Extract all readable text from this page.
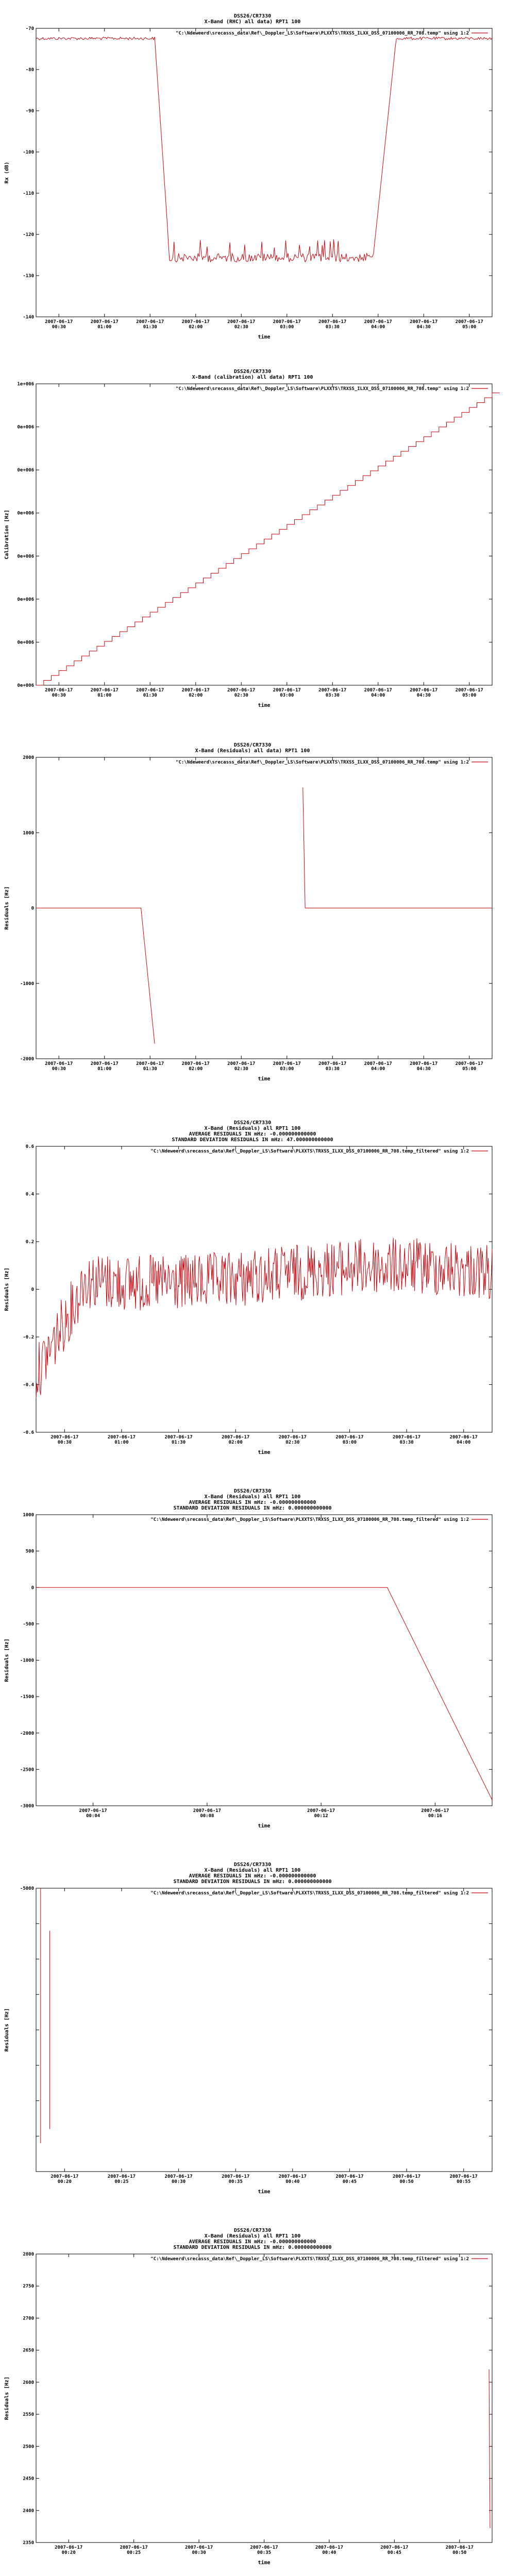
DSS26/CR7330
X-Band (RHC) all data) RPT1 100
"C:\Ndeweerd\srecasss_data\Ref\_Doppler_LS\Software\PLXXTS\TRXSS_ILXX_DSS_07100006_RR_708.temp" using 1:2
Rx (dB)
time
-70
-80
-90
-100
-110
-120
-130
-140
2007-06-17 00:30
2007-06-17 01:00
2007-06-17 01:30
2007-06-17 02:00
2007-06-17 02:30
2007-06-17 03:00
2007-06-17 03:30
2007-06-17 04:00
2007-06-17 04:30
2007-06-17 05:00
DSS26/CR7330
X-Band (calibration) all data) RPT1 100
"C:\Ndeweerd\srecasss_data\Ref\_Doppler_LS\Software\PLXXTS\TRXSS_ILXX_DSS_07100006_RR_708.temp" using 1:2
Calibration [Hz]
time
1e+006
0e+006
0e+006
0e+006
0e+006
0e+006
0e+006
0e+006
2007-06-17 00:30
2007-06-17 01:00
2007-06-17 01:30
2007-06-17 02:00
2007-06-17 02:30
2007-06-17 03:00
2007-06-17 03:30
2007-06-17 04:00
2007-06-17 04:30
2007-06-17 05:00
DSS26/CR7330
X-Band (Residuals) all data) RPT1 100
"C:\Ndeweerd\srecasss_data\Ref\_Doppler_LS\Software\PLXXTS\TRXSS_ILXX_DSS_07100006_RR_708.temp" using 1:2
Residuals [Hz]
time
2000
1000
0
-1000
-2000
2007-06-17 00:30
2007-06-17 01:00
2007-06-17 01:30
2007-06-17 02:00
2007-06-17 02:30
2007-06-17 03:00
2007-06-17 03:30
2007-06-17 04:00
2007-06-17 04:30
2007-06-17 05:00
DSS26/CR7330
X-Band (Residuals) all RPT1 100
AVERAGE RESIDUALS IN mHz: -0.000000000000
STANDARD DEVIATION RESIDUALS IN mHz: 47.000000000000
"C:\Ndeweerd\srecasss_data\Ref\_Doppler_LS\Software\PLXXTS\TRXSS_ILXX_DSS_07100006_RR_708.temp_filtered" using 1:2
Residuals [Hz]
time
0.6
0.4
0.2
0
-0.2
-0.4
-0.6
2007-06-17 00:30
2007-06-17 01:00
2007-06-17 01:30
2007-06-17 02:00
2007-06-17 02:30
2007-06-17 03:00
2007-06-17 03:30
2007-06-17 04:00
DSS26/CR7330
X-Band (Residuals) all RPT1 100
AVERAGE RESIDUALS IN mHz: -0.000000000000
STANDARD DEVIATION RESIDUALS IN mHz: 0.000000000000
"C:\Ndeweerd\srecasss_data\Ref\_Doppler_LS\Software\PLXXTS\TRXSS_ILXX_DSS_07100006_RR_708.temp_filtered" using 1:2
Residuals [Hz]
time
1000
500
0
-500
-1000
-1500
-2000
-2500
-3000
2007-06-17 00:04
2007-06-17 00:08
2007-06-17 00:12
2007-06-17 00:16
DSS26/CR7330
X-Band (Residuals) all RPT1 100
AVERAGE RESIDUALS IN mHz: -0.000000000000
STANDARD DEVIATION RESIDUALS IN mHz: 0.000000000000
"C:\Ndeweerd\srecasss_data\Ref\_Doppler_LS\Software\PLXXTS\TRXSS_ILXX_DSS_07100006_RR_708.temp_filtered" using 1:2
Residuals [Hz]
time
-5000
2007-06-17 00:20
2007-06-17 00:25
2007-06-17 00:30
2007-06-17 00:35
2007-06-17 00:40
2007-06-17 00:45
2007-06-17 00:50
2007-06-17 00:55
DSS26/CR7330
X-Band (Residuals) all RPT1 100
AVERAGE RESIDUALS IN mHz: -0.000000000000
STANDARD DEVIATION RESIDUALS IN mHz: 0.000000000000
"C:\Ndeweerd\srecasss_data\Ref\_Doppler_LS\Software\PLXXTS\TRXSS_ILXX_DSS_07100006_RR_708.temp_filtered" using 1:2
Residuals [Hz]
time
2800
2750
2700
2650
2600
2550
2500
2450
2400
2350
2007-06-17 00:20
2007-06-17 00:25
2007-06-17 00:30
2007-06-17 00:35
2007-06-17 00:40
2007-06-17 00:45
2007-06-17 00:50
